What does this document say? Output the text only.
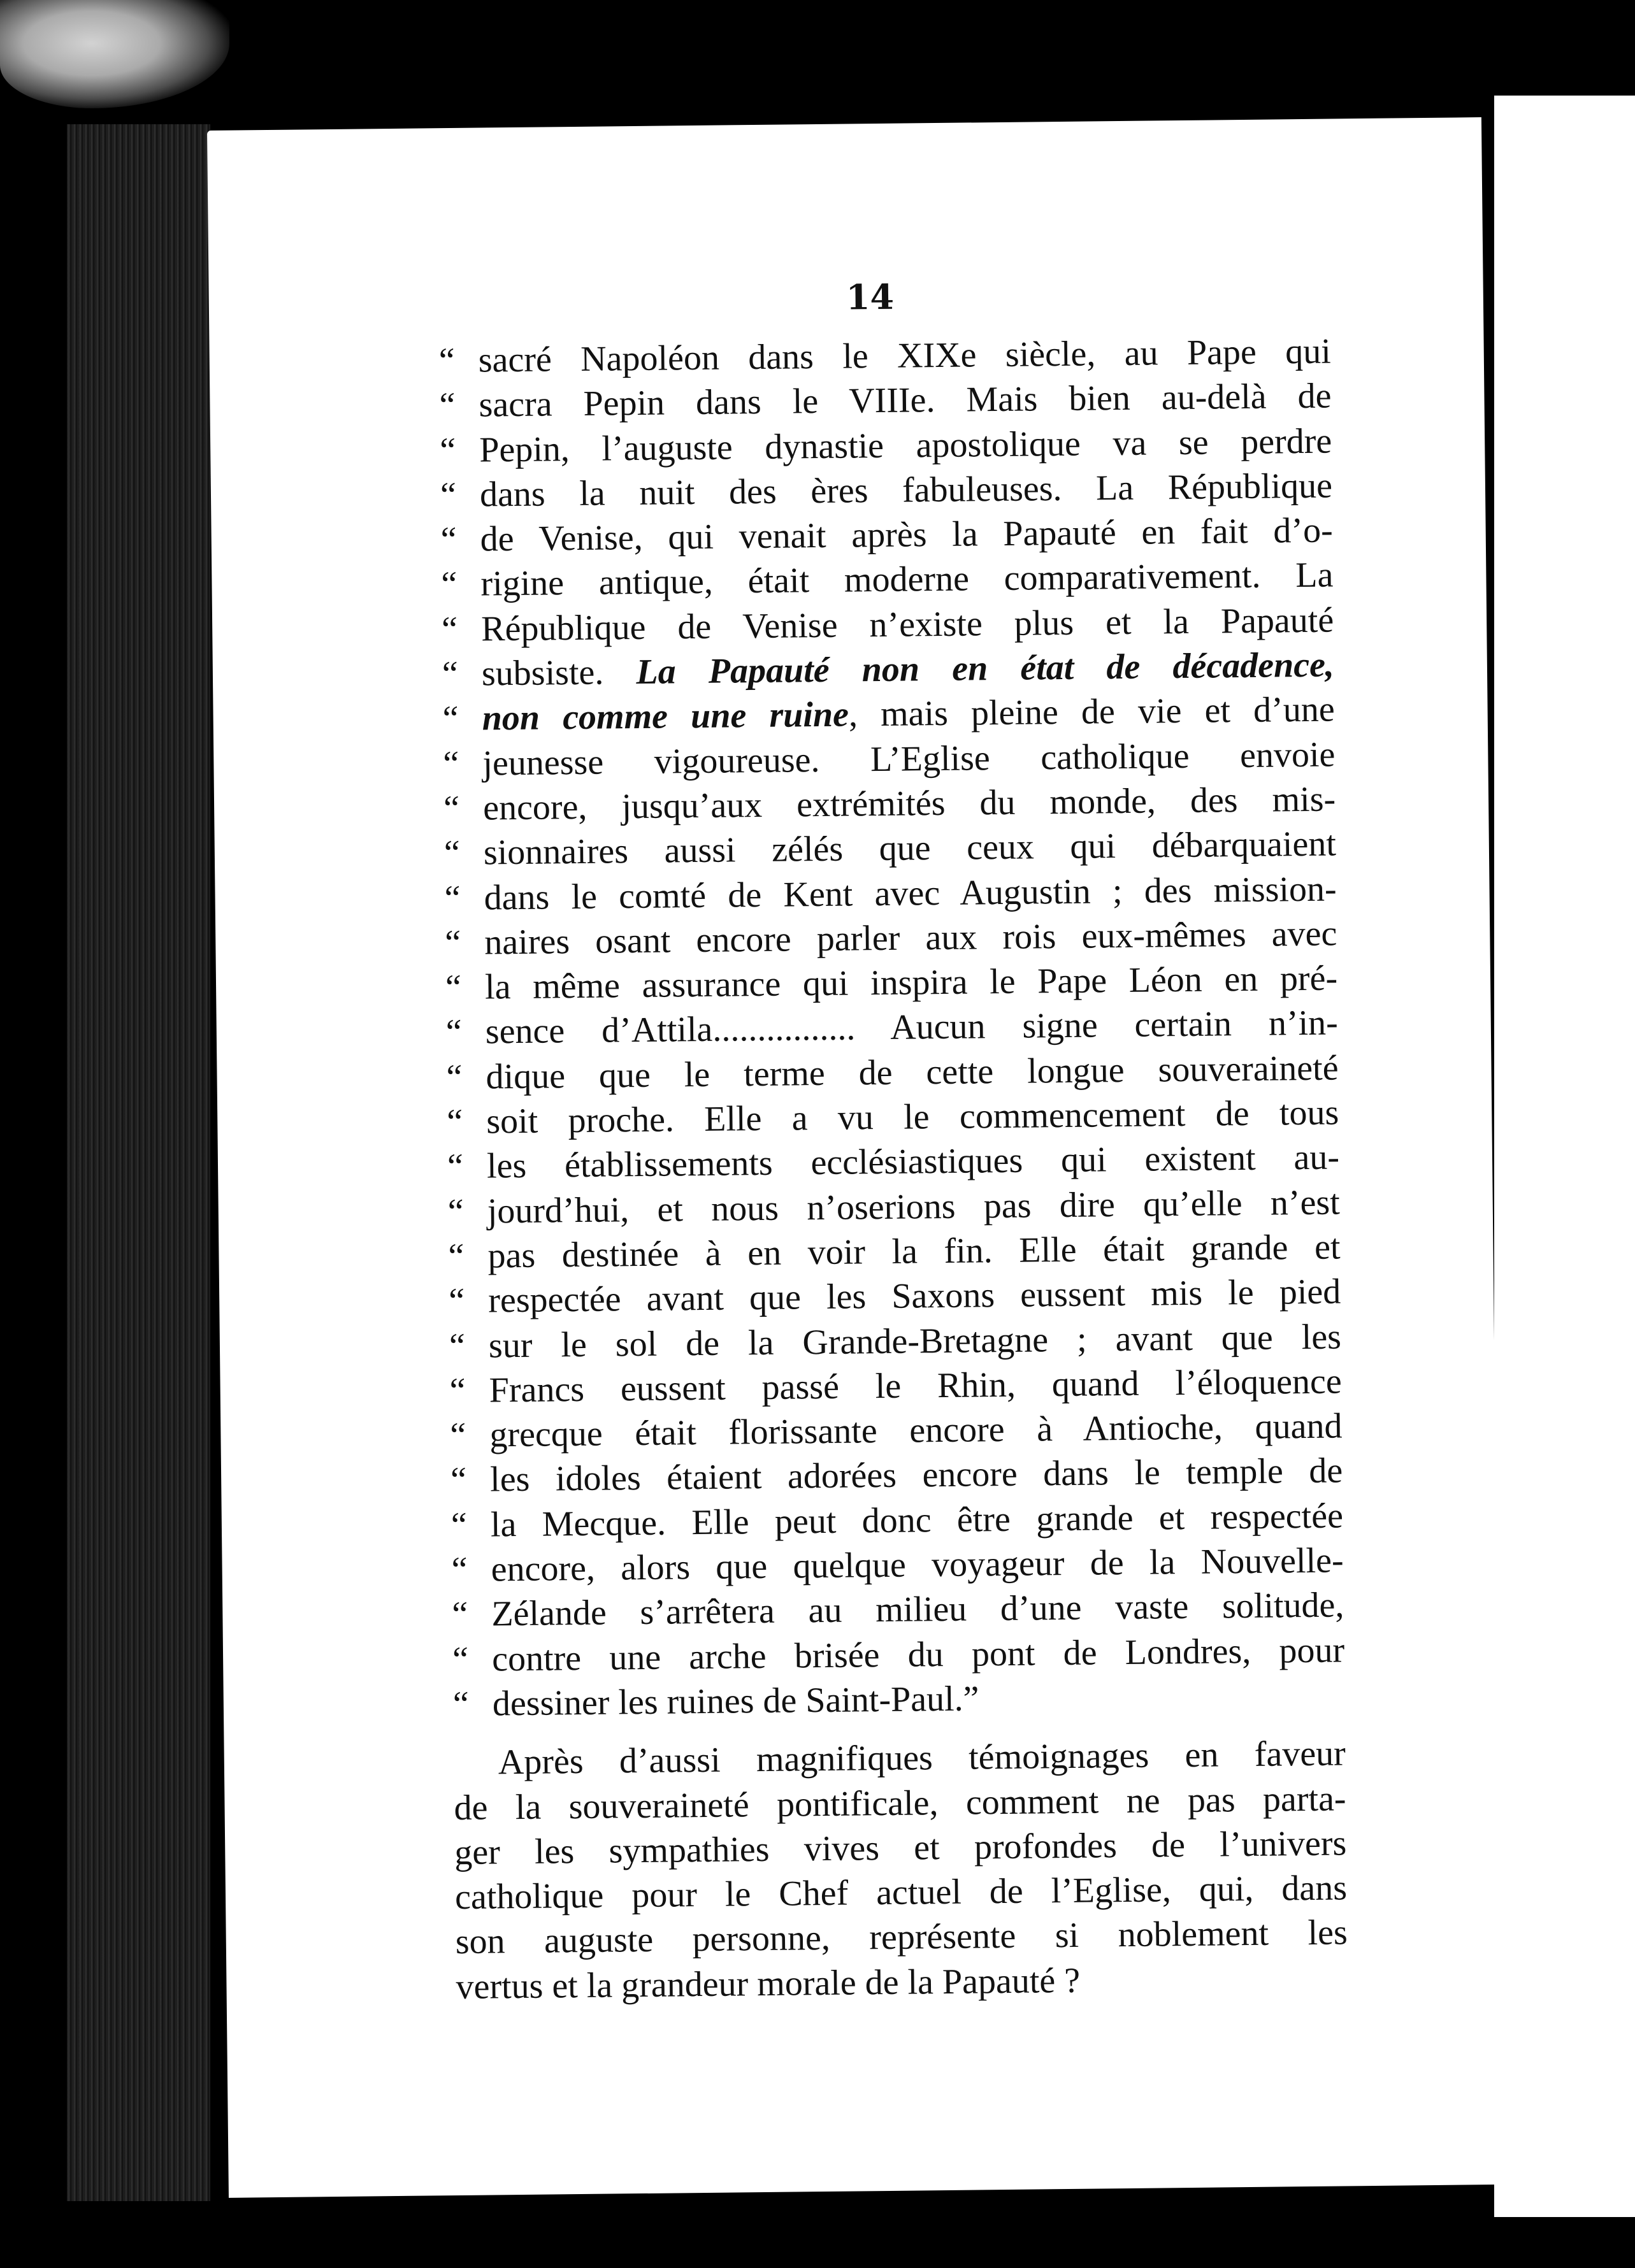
14
“ sacré Napoléon dans le XIXe siècle, au Pape qui
“ sacra Pepin dans le VIIIe. Mais bien au-delà de
“ Pepin, l’auguste dynastie apostolique va se perdre
“ dans la nuit des ères fabuleuses. La République
“ de Venise, qui venait après la Papauté en fait d’o-
“ rigine antique, était moderne comparativement. La
“ République de Venise n’existe plus et la Papauté
“ subsiste. La Papauté non en état de décadence,
“ non comme une ruine, mais pleine de vie et d’une
“ jeunesse vigoureuse. L’Eglise catholique envoie
“ encore, jusqu’aux extrémités du monde, des mis-
“ sionnaires aussi zélés que ceux qui débarquaient
“ dans le comté de Kent avec Augustin ; des mission-
“ naires osant encore parler aux rois eux-mêmes avec
“ la même assurance qui inspira le Pape Léon en pré-
“ sence d’Attila................ Aucun signe certain n’in-
“ dique que le terme de cette longue souveraineté
“ soit proche. Elle a vu le commencement de tous
“ les établissements ecclésiastiques qui existent au-
“ jourd’hui, et nous n’oserions pas dire qu’elle n’est
“ pas destinée à en voir la fin. Elle était grande et
“ respectée avant que les Saxons eussent mis le pied
“ sur le sol de la Grande-Bretagne ; avant que les
“ Francs eussent passé le Rhin, quand l’éloquence
“ grecque était florissante encore à Antioche, quand
“ les idoles étaient adorées encore dans le temple de
“ la Mecque. Elle peut donc être grande et respectée
“ encore, alors que quelque voyageur de la Nouvelle-
“ Zélande s’arrêtera au milieu d’une vaste solitude,
“ contre une arche brisée du pont de Londres, pour
“ dessiner les ruines de Saint-Paul.”
Après d’aussi magnifiques témoignages en faveur
de la souveraineté pontificale, comment ne pas parta-
ger les sympathies vives et profondes de l’univers
catholique pour le Chef actuel de l’Eglise, qui, dans
son auguste personne, représente si noblement les
vertus et la grandeur morale de la Papauté ?
